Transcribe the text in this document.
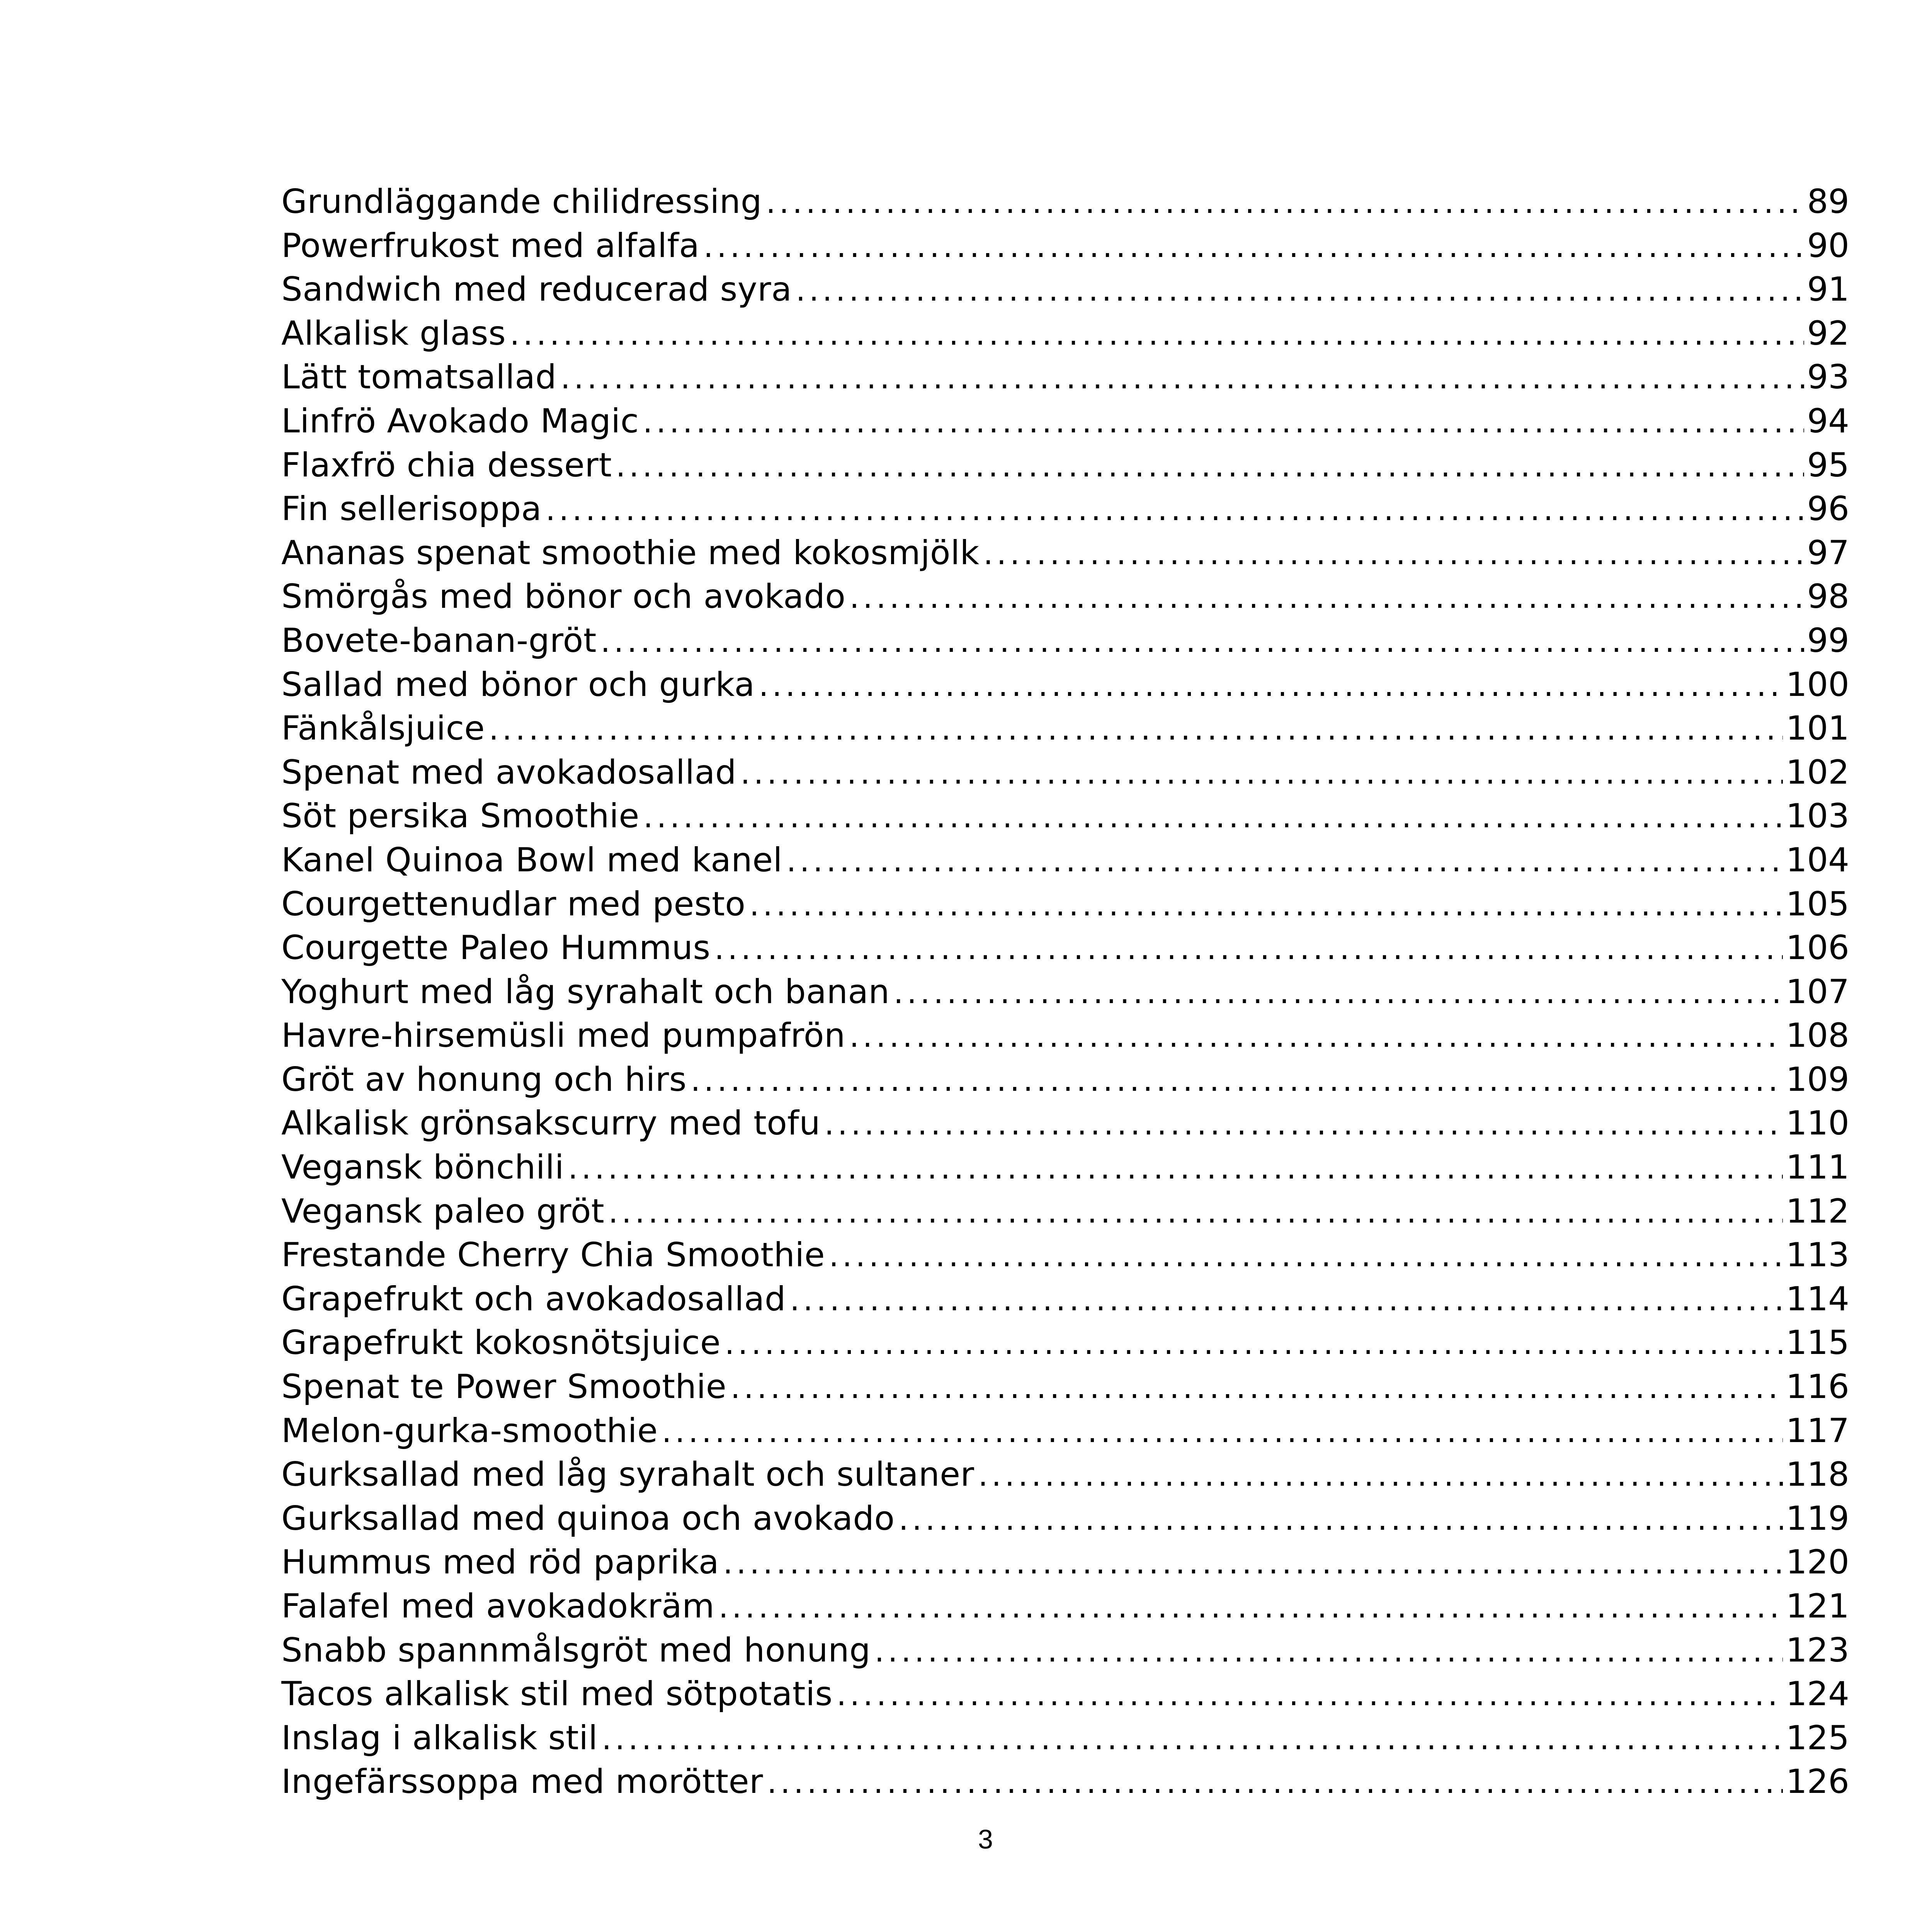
Grundläggande chilidressing .....	89
Powerfrukost med alfalfa .....	90
Sandwich med reducerad syra .....	91
Alkalisk glass .....	92
Lätt tomatsallad .....	93
Linfrö Avokado Magic .....	94
Flaxfrö chia dessert .....	95
Fin sellerisoppa .....	96
Ananas spenat smoothie med kokosmjölk .....	97
Smörgås med bönor och avokado .....	98
Bovete-banan-gröt .....	99
Sallad med bönor och gurka .....	100
Fänkålsjuice .....	101
Spenat med avokadosallad .....	102
Söt persika Smoothie .....	103
Kanel Quinoa Bowl med kanel .....	104
Courgettenudlar med pesto .....	105
Courgette Paleo Hummus .....	106
Yoghurt med låg syrahalt och banan .....	107
Havre-hirsemüsli med pumpafrön .....	108
Gröt av honung och hirs .....	109
Alkalisk grönsakscurry med tofu .....	110
Vegansk bönchili .....	111
Vegansk paleo gröt .....	112
Frestande Cherry Chia Smoothie .....	113
Grapefrukt och avokadosallad .....	114
Grapefrukt kokosnötsjuice .....	115
Spenat te Power Smoothie .....	116
Melon-gurka-smoothie .....	117
Gurksallad med låg syrahalt och sultaner .....	118
Gurksallad med quinoa och avokado .....	119
Hummus med röd paprika .....	120
Falafel med avokadokräm .....	121
Snabb spannmålsgröt med honung .....	123
Tacos alkalisk stil med sötpotatis .....	124
Inslag i alkalisk stil .....	125
Ingefärssoppa med morötter .....	126
3
